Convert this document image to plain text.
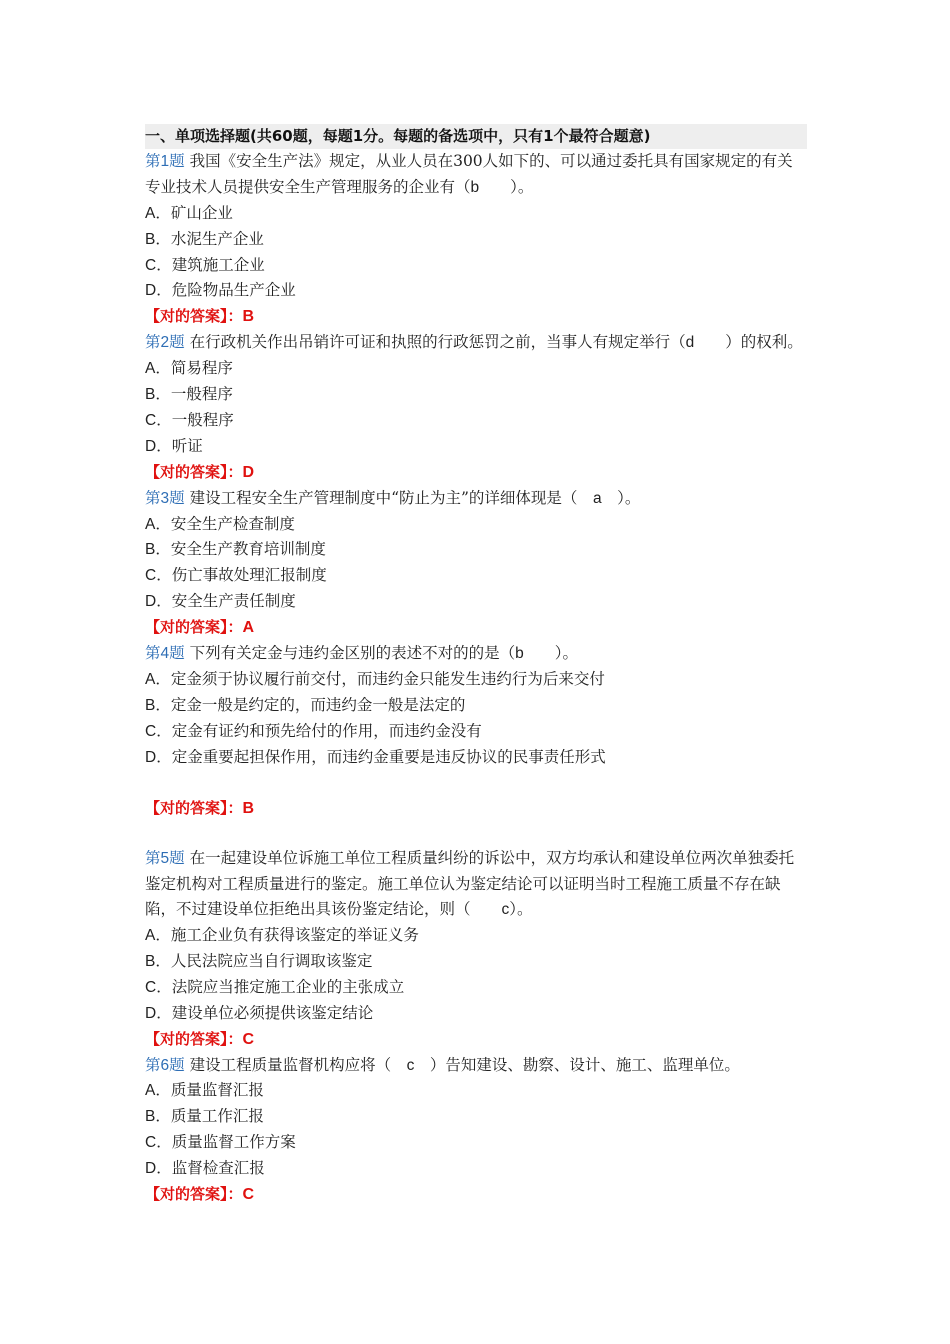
一、单项选择题(共60题，每题1分。每题的备选项中，只有1个最符合题意)

第1题 我国《安全生产法》规定，从业人员在300人如下的、可以通过委托具有国家规定的有关专业技术人员提供安全生产管理服务的企业有（b　　）。

A．矿山企业

B．水泥生产企业

C．建筑施工企业

D．危险物品生产企业

【对的答案】：B

第2题 在行政机关作出吊销许可证和执照的行政惩罚之前，当事人有规定举行（d　　）的权利。

A．简易程序

B．一般程序

C．一般程序

D．听证

【对的答案】：D

第3题 建设工程安全生产管理制度中“防止为主”的详细体现是（　a　）。

A．安全生产检查制度

B．安全生产教育培训制度

C．伤亡事故处理汇报制度

D．安全生产责任制度

【对的答案】：A

第4题 下列有关定金与违约金区别的表述不对的的是（b　　）。

A．定金须于协议履行前交付，而违约金只能发生违约行为后来交付

B．定金一般是约定的，而违约金一般是法定的

C．定金有证约和预先给付的作用，而违约金没有

D．定金重要起担保作用，而违约金重要是违反协议的民事责任形式

【对的答案】：B

第5题 在一起建设单位诉施工单位工程质量纠纷的诉讼中，双方均承认和建设单位两次单独委托鉴定机构对工程质量进行的鉴定。施工单位认为鉴定结论可以证明当时工程施工质量不存在缺陷，不过建设单位拒绝出具该份鉴定结论，则（　　c）。

A．施工企业负有获得该鉴定的举证义务

B．人民法院应当自行调取该鉴定

C．法院应当推定施工企业的主张成立

D．建设单位必须提供该鉴定结论

【对的答案】：C

第6题 建设工程质量监督机构应将（　c　）告知建设、勘察、设计、施工、监理单位。

A．质量监督汇报

B．质量工作汇报

C．质量监督工作方案

D．监督检查汇报

【对的答案】：C
